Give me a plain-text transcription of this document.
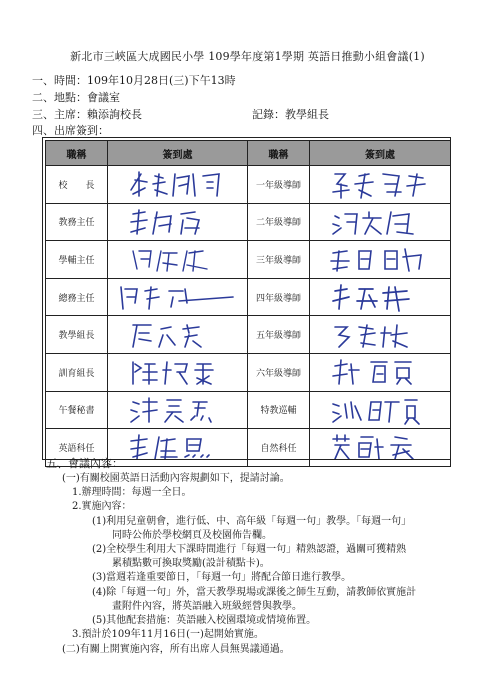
新北市三峽區大成國民小學 109學年度第1學期 英語日推動小組會議(1)
一、時間：109年10月28日(三)下午13時
二、地點：會議室
三、主席：賴添詢校長	記錄：教學組長
四、出席簽到：
職稱	簽到處	職稱	簽到處
校　　長		一年級導師	

教務主任		二年級導師	

學輔主任		三年級導師	

總務主任		四年級導師	

教學組長		五年級導師	

訓育組長		六年級導師	

午餐秘書		特教巡輔	

英語科任		自然科任	
五、會議內容：
(一)有關校園英語日活動內容規劃如下，提請討論。
1.辦理時間：每週一全日。
2.實施內容：
(1)利用兒童朝會，進行低、中、高年級「每週一句」教學。「每週一句」
同時公佈於學校網頁及校園佈告欄。
(2)全校學生利用大下課時間進行「每週一句」精熟認證，過關可獲精熟
累積點數可換取獎勵(設計積點卡)。
(3)當週若逢重要節日，「每週一句」將配合節日進行教學。
(4)除「每週一句」外，當天教學現場或課後之師生互動，請教師依實施計
畫附件內容，將英語融入班級經營與教學。
(5)其他配套措施：英語融入校園環境或情境佈置。
3.預計於109年11月16日(一)起開始實施。
(二)有關上開實施內容，所有出席人員無異議通過。
